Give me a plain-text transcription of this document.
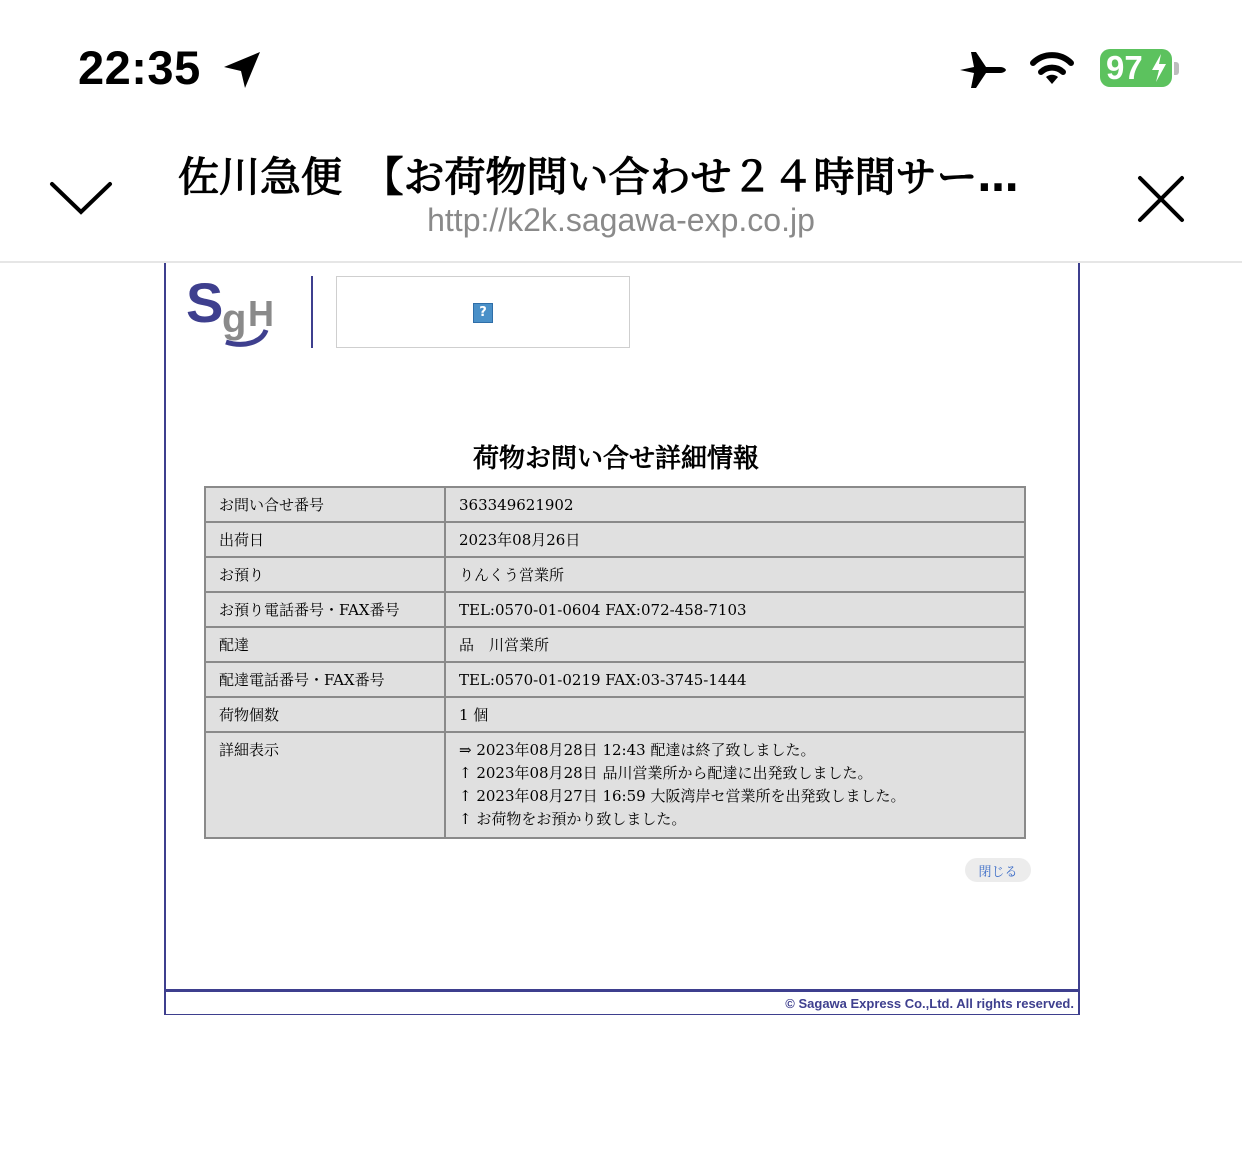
22:35	97
佐川急便　【お荷物問い合わせ２４時間サー…
http://k2k.sagawa-exp.co.jp
S
g H	?
荷物お問い合せ詳細情報
お問い合せ番号	363349621902
出荷日	2023年08月26日
お預り	りんくう営業所
お預り電話番号・FAX番号	TEL:0570-01-0604 FAX:072-458-7103
配達	品　川営業所
配達電話番号・FAX番号	TEL:0570-01-0219 FAX:03-3745-1444
荷物個数	1 個
詳細表示	⇒ 2023年08月28日 12:43 配達は終了致しました。
↑ 2023年08月28日 品川営業所から配達に出発致しました。
↑ 2023年08月27日 16:59 大阪湾岸セ営業所を出発致しました。
↑ お荷物をお預かり致しました。
閉じる
© Sagawa Express Co.,Ltd. All rights reserved.
